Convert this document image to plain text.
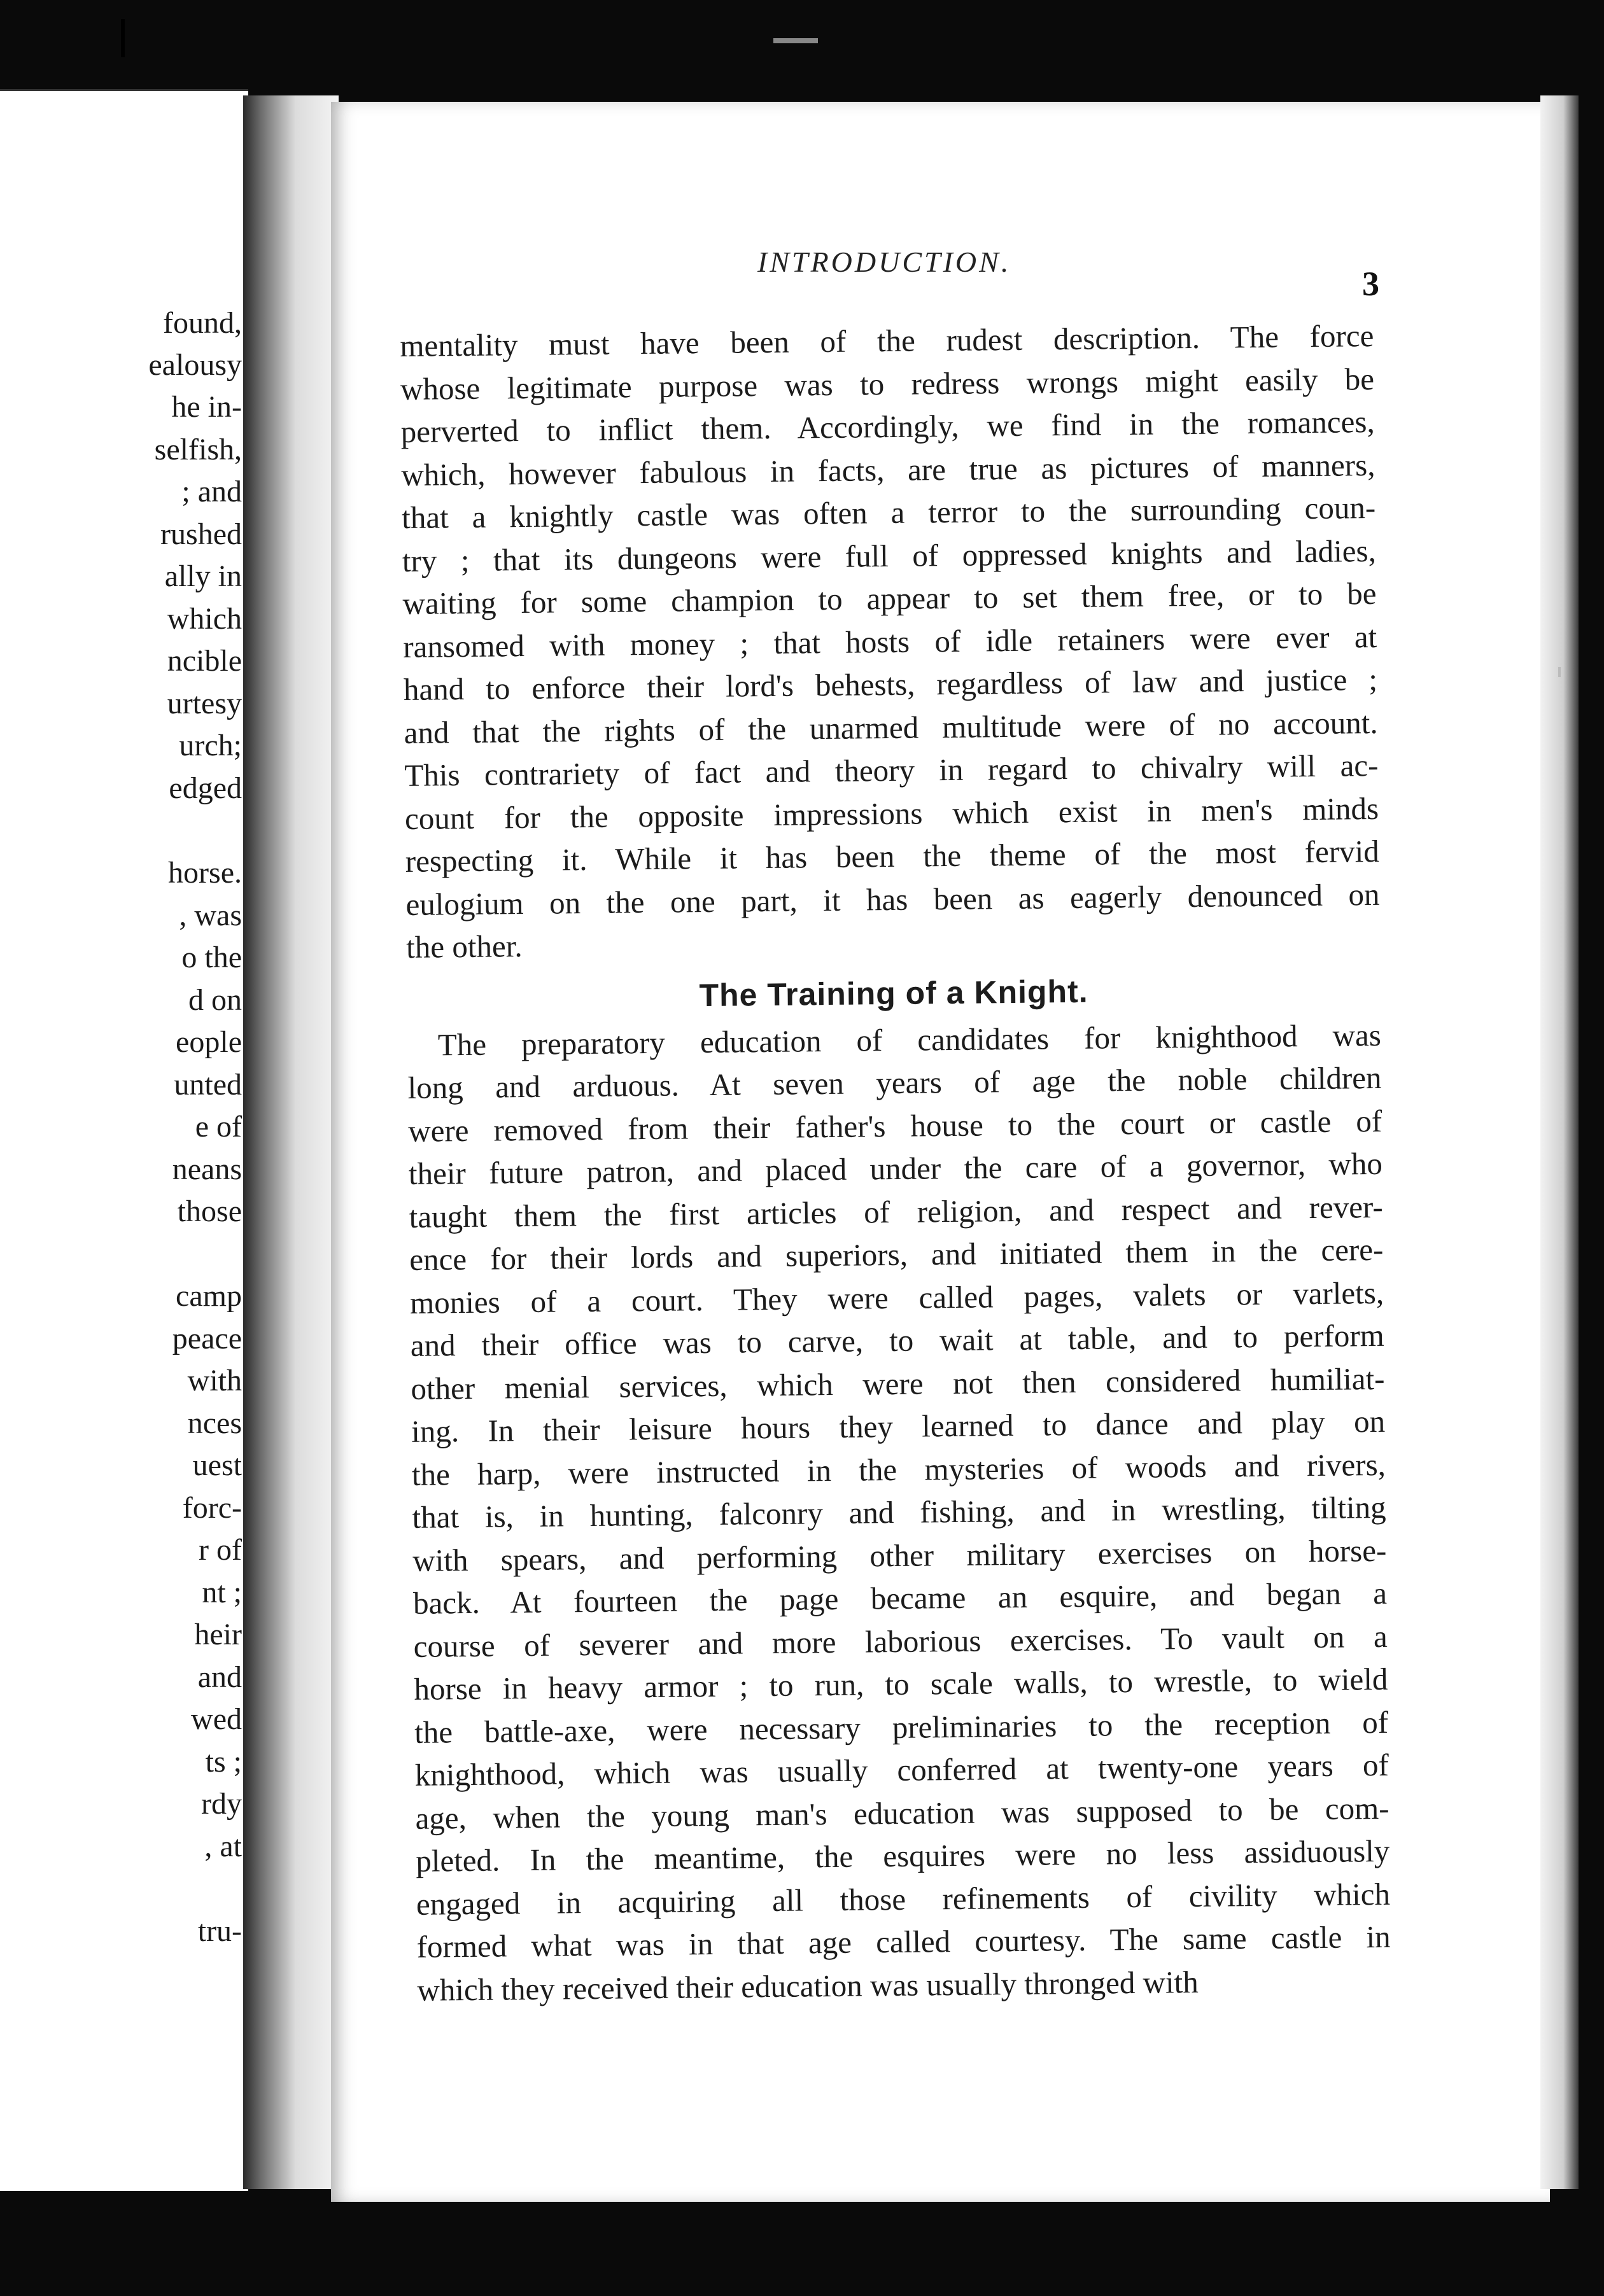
found,
ealousy
he in-
selfish,
; and
rushed
ally in
which
ncible
urtesy
urch;
edged
horse.
, was
o the
d on
eople
unted
e of
neans
those
camp
peace
with
nces
uest
forc-
r of
nt ;
heir
and
wed
ts ;
rdy
, at
tru-
INTRODUCTION.
3
mentality must have been of the rudest description. The force
whose legitimate purpose was to redress wrongs might easily be
perverted to inflict them. Accordingly, we find in the romances,
which, however fabulous in facts, are true as pictures of manners,
that a knightly castle was often a terror to the surrounding coun-
try ; that its dungeons were full of oppressed knights and ladies,
waiting for some champion to appear to set them free, or to be
ransomed with money ; that hosts of idle retainers were ever at
hand to enforce their lord's behests, regardless of law and justice ;
and that the rights of the unarmed multitude were of no account.
This contrariety of fact and theory in regard to chivalry will ac-
count for the opposite impressions which exist in men's minds
respecting it. While it has been the theme of the most fervid
eulogium on the one part, it has been as eagerly denounced on
the other.
The Training of a Knight.
The preparatory education of candidates for knighthood was
long and arduous. At seven years of age the noble children
were removed from their father's house to the court or castle of
their future patron, and placed under the care of a governor, who
taught them the first articles of religion, and respect and rever-
ence for their lords and superiors, and initiated them in the cere-
monies of a court. They were called pages, valets or varlets,
and their office was to carve, to wait at table, and to perform
other menial services, which were not then considered humiliat-
ing. In their leisure hours they learned to dance and play on
the harp, were instructed in the mysteries of woods and rivers,
that is, in hunting, falconry and fishing, and in wrestling, tilting
with spears, and performing other military exercises on horse-
back. At fourteen the page became an esquire, and began a
course of severer and more laborious exercises. To vault on a
horse in heavy armor ; to run, to scale walls, to wrestle, to wield
the battle-axe, were necessary preliminaries to the reception of
knighthood, which was usually conferred at twenty-one years of
age, when the young man's education was supposed to be com-
pleted. In the meantime, the esquires were no less assiduously
engaged in acquiring all those refinements of civility which
formed what was in that age called courtesy. The same castle in
which they received their education was usually thronged with
